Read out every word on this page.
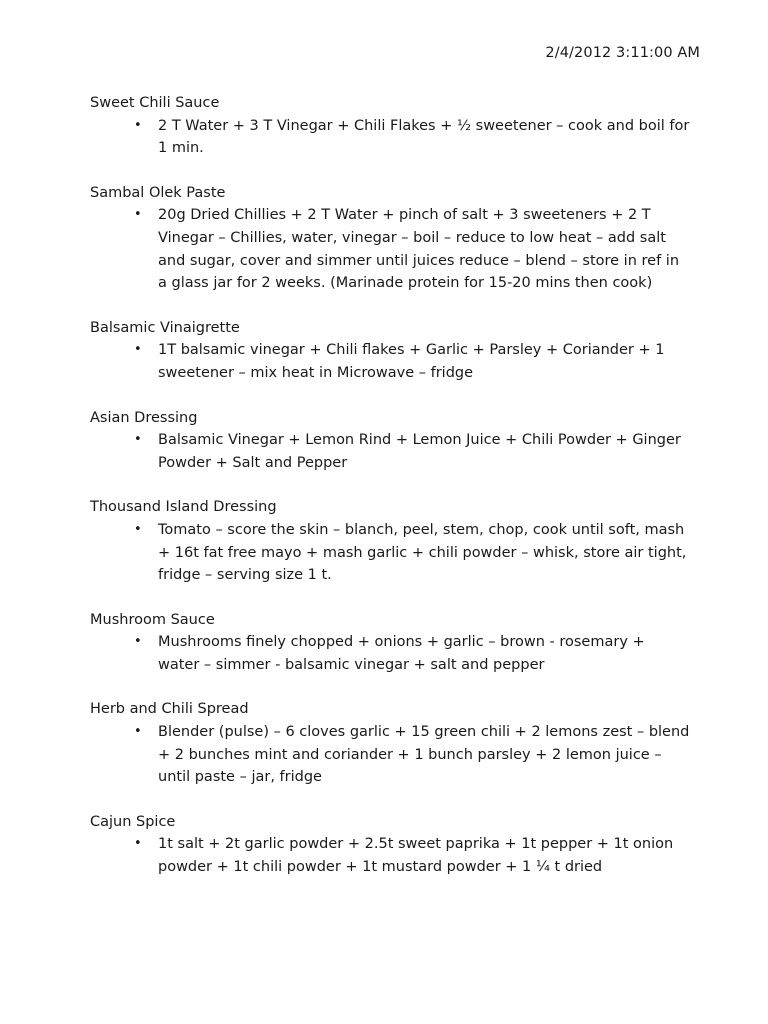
2/4/2012 3:11:00 AM

Sweet Chili Sauce

• 2 T Water + 3 T Vinegar + Chili Flakes + ½ sweetener – cook and boil for 1 min.

Sambal Olek Paste

• 20g Dried Chillies + 2 T Water + pinch of salt + 3 sweeteners + 2 T Vinegar – Chillies, water, vinegar – boil – reduce to low heat – add salt and sugar, cover and simmer until juices reduce – blend – store in ref in a glass jar for 2 weeks. (Marinade protein for 15-20 mins then cook)

Balsamic Vinaigrette

• 1T balsamic vinegar + Chili flakes + Garlic + Parsley + Coriander + 1 sweetener – mix heat in Microwave – fridge

Asian Dressing

• Balsamic Vinegar + Lemon Rind + Lemon Juice + Chili Powder + Ginger Powder + Salt and Pepper

Thousand Island Dressing

• Tomato – score the skin – blanch, peel, stem, chop, cook until soft, mash + 16t fat free mayo + mash garlic + chili powder – whisk, store air tight, fridge – serving size 1 t.

Mushroom Sauce

• Mushrooms finely chopped + onions + garlic – brown - rosemary + water – simmer - balsamic vinegar + salt and pepper

Herb and Chili Spread

• Blender (pulse) – 6 cloves garlic + 15 green chili + 2 lemons zest – blend + 2 bunches mint and coriander + 1 bunch parsley + 2 lemon juice – until paste – jar, fridge

Cajun Spice

• 1t salt + 2t garlic powder + 2.5t sweet paprika + 1t pepper + 1t onion powder + 1t chili powder + 1t mustard powder + 1 ¼ t dried
